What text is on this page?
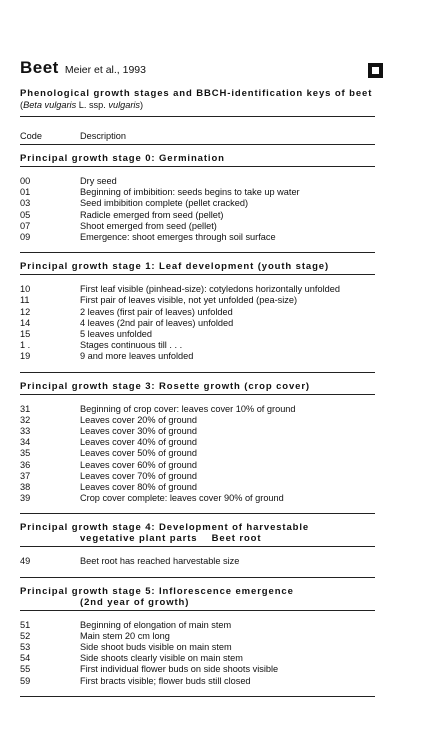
Beet Meier et al., 1993
Phenological growth stages and BBCH-identification keys of beet
(Beta vulgaris L. ssp. vulgaris)
Code	Description
Principal growth stage 0: Germination
00	Dry seed
01	Beginning of imbibition: seeds begins to take up water
03	Seed imbibition complete (pellet cracked)
05	Radicle emerged from seed (pellet)
07	Shoot emerged from seed (pellet)
09	Emergence: shoot emerges through soil surface
Principal growth stage 1: Leaf development (youth stage)
10	First leaf visible (pinhead-size): cotyledons horizontally unfolded
11	First pair of leaves visible, not yet unfolded (pea-size)
12	2 leaves (first pair of leaves) unfolded
14	4 leaves (2nd pair of leaves) unfolded
15	5 leaves unfolded
1 .	Stages continuous till . . .
19	9 and more leaves unfolded
Principal growth stage 3: Rosette growth (crop cover)
31	Beginning of crop cover: leaves cover 10% of ground
32	Leaves cover 20% of ground
33	Leaves cover 30% of ground
34	Leaves cover 40% of ground
35	Leaves cover 50% of ground
36	Leaves cover 60% of ground
37	Leaves cover 70% of ground
38	Leaves cover 80% of ground
39	Crop cover complete: leaves cover 90% of ground
Principal growth stage 4: Development of harvestable
vegetative plant parts    Beet root
49	Beet root has reached harvestable size
Principal growth stage 5: Inflorescence emergence
(2nd year of growth)
51	Beginning of elongation of main stem
52	Main stem 20 cm long
53	Side shoot buds visible on main stem
54	Side shoots clearly visible on main stem
55	First individual flower buds on side shoots visible
59	First bracts visible; flower buds still closed
